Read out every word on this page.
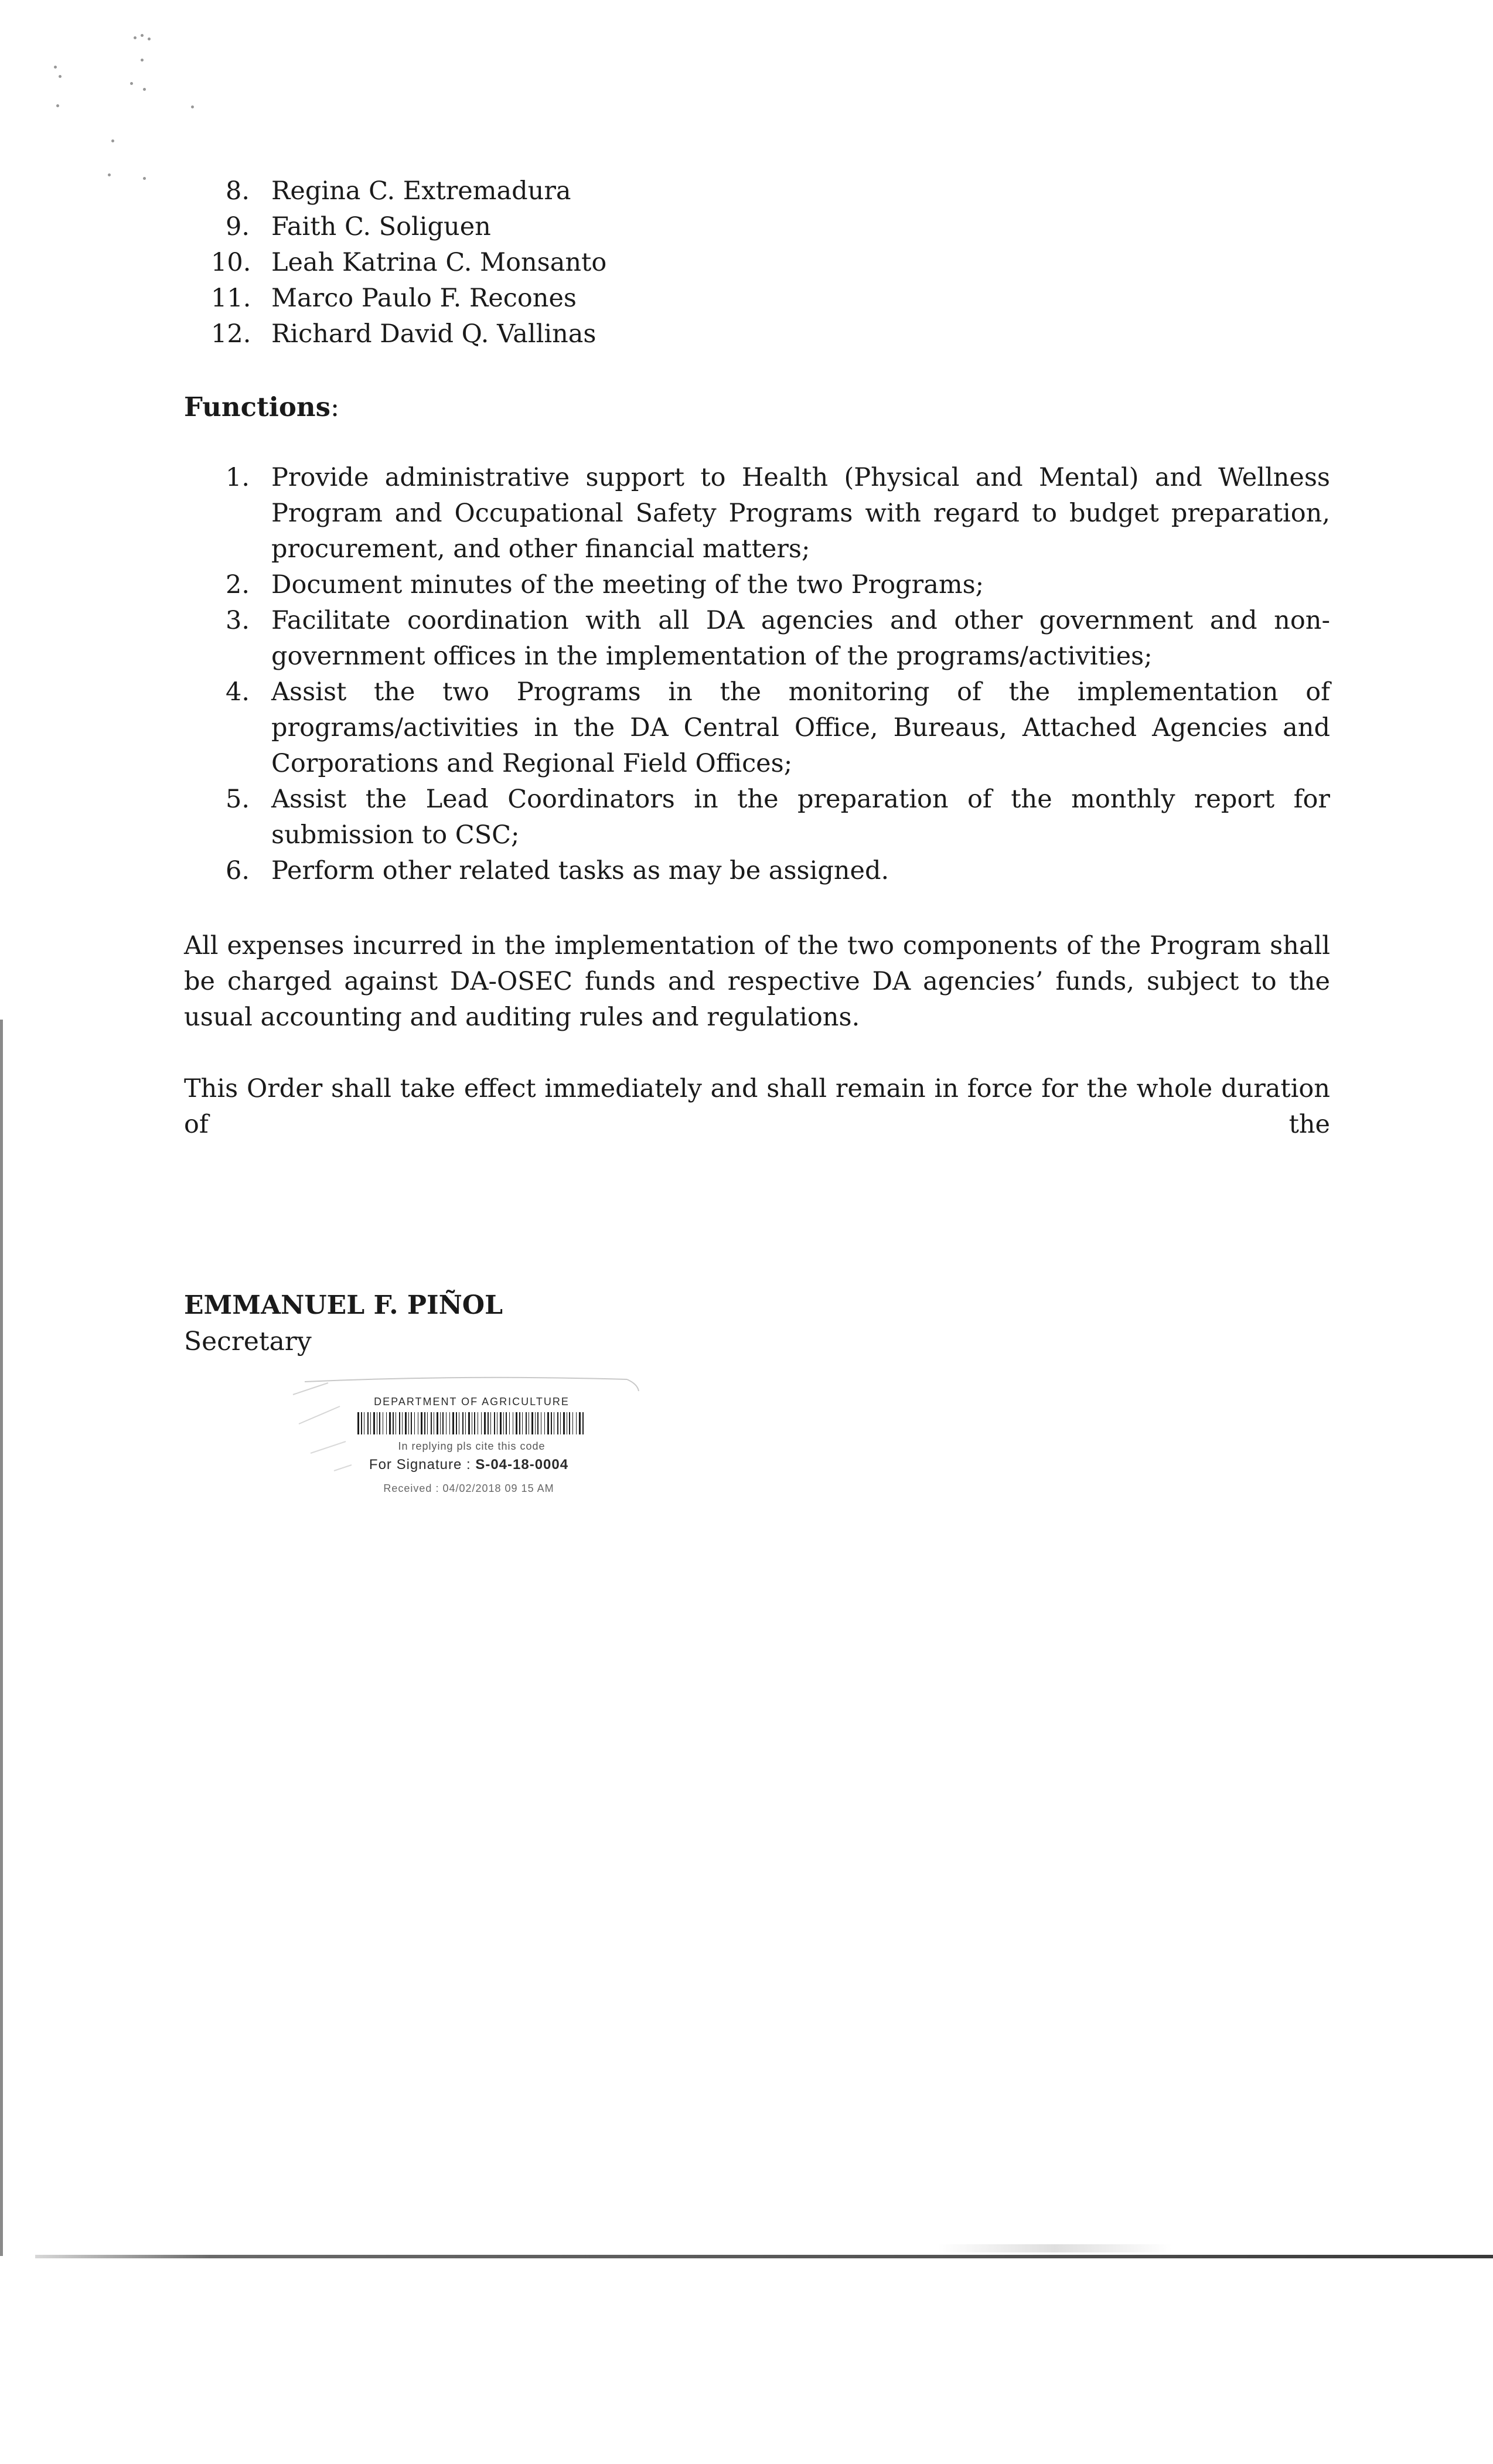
8. Regina C. Extremadura
9. Faith C. Soliguen
10. Leah Katrina C. Monsanto
11. Marco Paulo F. Recones
12. Richard David Q. Vallinas
Functions:
1. Provide administrative support to Health (Physical and Mental) and Wellness Program and Occupational Safety Programs with regard to budget preparation, procurement, and other financial matters;
2. Document minutes of the meeting of the two Programs;
3. Facilitate coordination with all DA agencies and other government and non-government offices in the implementation of the programs/activities;
4. Assist the two Programs in the monitoring of the implementation of programs/activities in the DA Central Office, Bureaus, Attached Agencies and Corporations and Regional Field Offices;
5. Assist the Lead Coordinators in the preparation of the monthly report for submission to CSC;
6. Perform other related tasks as may be assigned.
All expenses incurred in the implementation of the two components of the Program shall be charged against DA-OSEC funds and respective DA agencies’ funds, subject to the usual accounting and auditing rules and regulations.
This Order shall take effect immediately and shall remain in force for the whole duration of the
EMMANUEL F. PIÑOL
Secretary
DEPARTMENT OF AGRICULTURE
In replying pls cite this code
For Signature : S-04-18-0004
Received : 04/02/2018 09 15 AM
